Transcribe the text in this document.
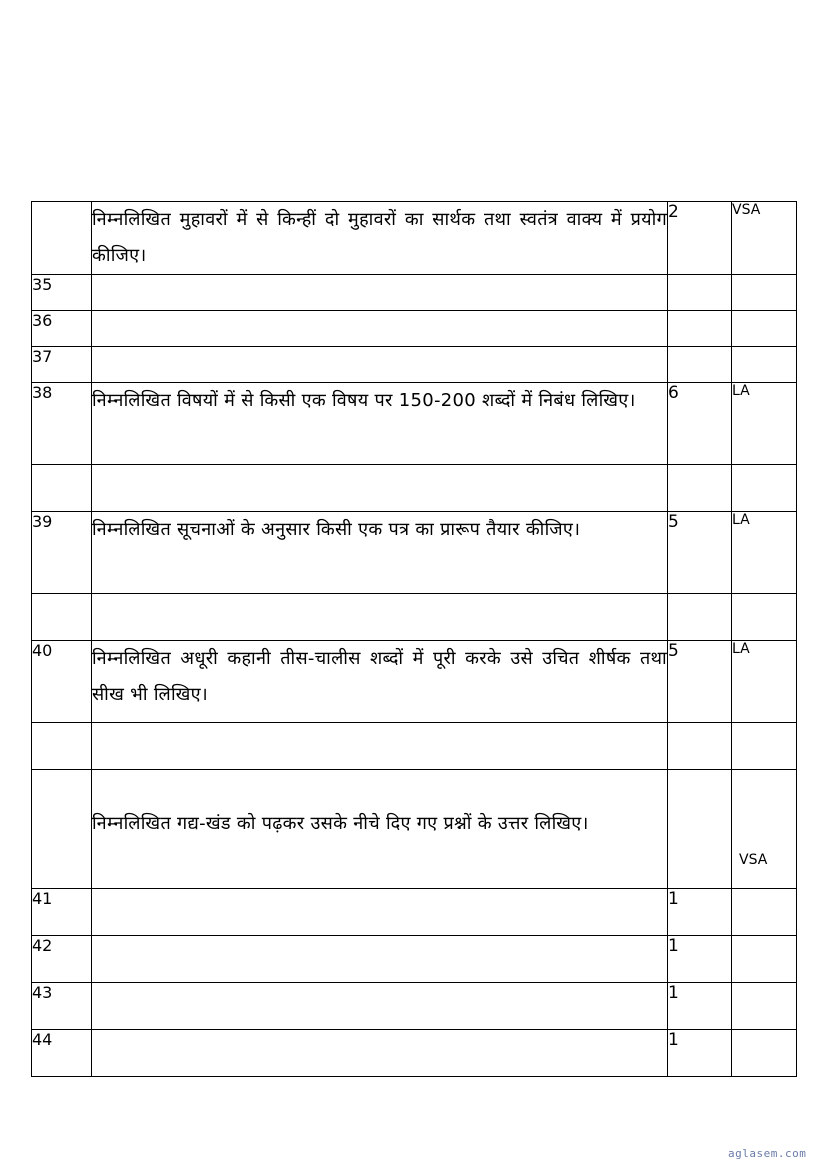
	निम्नलिखित मुहावरों में से किन्हीं दो मुहावरों का सार्थक तथा स्वतंत्र वाक्य में प्रयोग कीजिए।	2	VSA
35			
36			
37			
38	निम्नलिखित विषयों में से किसी एक विषय पर 150-200 शब्दों में निबंध लिखिए।	6	LA

39	निम्नलिखित सूचनाओं के अनुसार किसी एक पत्र का प्रारूप तैयार कीजिए।	5	LA

40	निम्नलिखित अधूरी कहानी तीस-चालीस शब्दों में पूरी करके उसे उचित शीर्षक तथा सीख भी लिखिए।	5	LA

	निम्नलिखित गद्य-खंड को पढ़कर उसके नीचे दिए गए प्रश्नों के उत्तर लिखिए।		VSA
41		1	
42		1	
43		1	
44		1	
aglasem.com
